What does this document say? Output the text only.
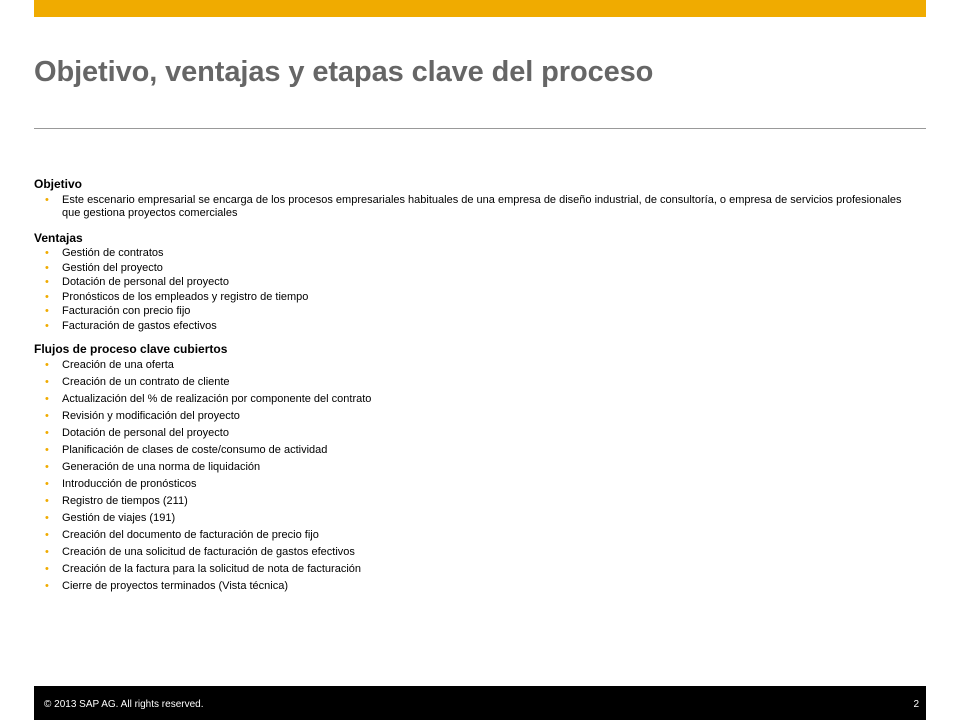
Objetivo, ventajas y etapas clave del proceso
Objetivo
• Este escenario empresarial se encarga de los procesos empresariales habituales de una empresa de diseño industrial, de consultoría, o empresa de servicios profesionales que gestiona proyectos comerciales
Ventajas
• Gestión de contratos
• Gestión del proyecto
• Dotación de personal del proyecto
• Pronósticos de los empleados y registro de tiempo
• Facturación con precio fijo
• Facturación de gastos efectivos
Flujos de proceso clave cubiertos
• Creación de una oferta
• Creación de un contrato de cliente
• Actualización del % de realización por componente del contrato
• Revisión y modificación del proyecto
• Dotación de personal del proyecto
• Planificación de clases de coste/consumo de actividad
• Generación de una norma de liquidación
• Introducción de pronósticos
• Registro de tiempos (211)
• Gestión de viajes (191)
• Creación del documento de facturación de precio fijo
• Creación de una solicitud de facturación de gastos efectivos
• Creación de la factura para la solicitud de nota de facturación
• Cierre de proyectos terminados (Vista técnica)
© 2013 SAP AG. All rights reserved.	2
